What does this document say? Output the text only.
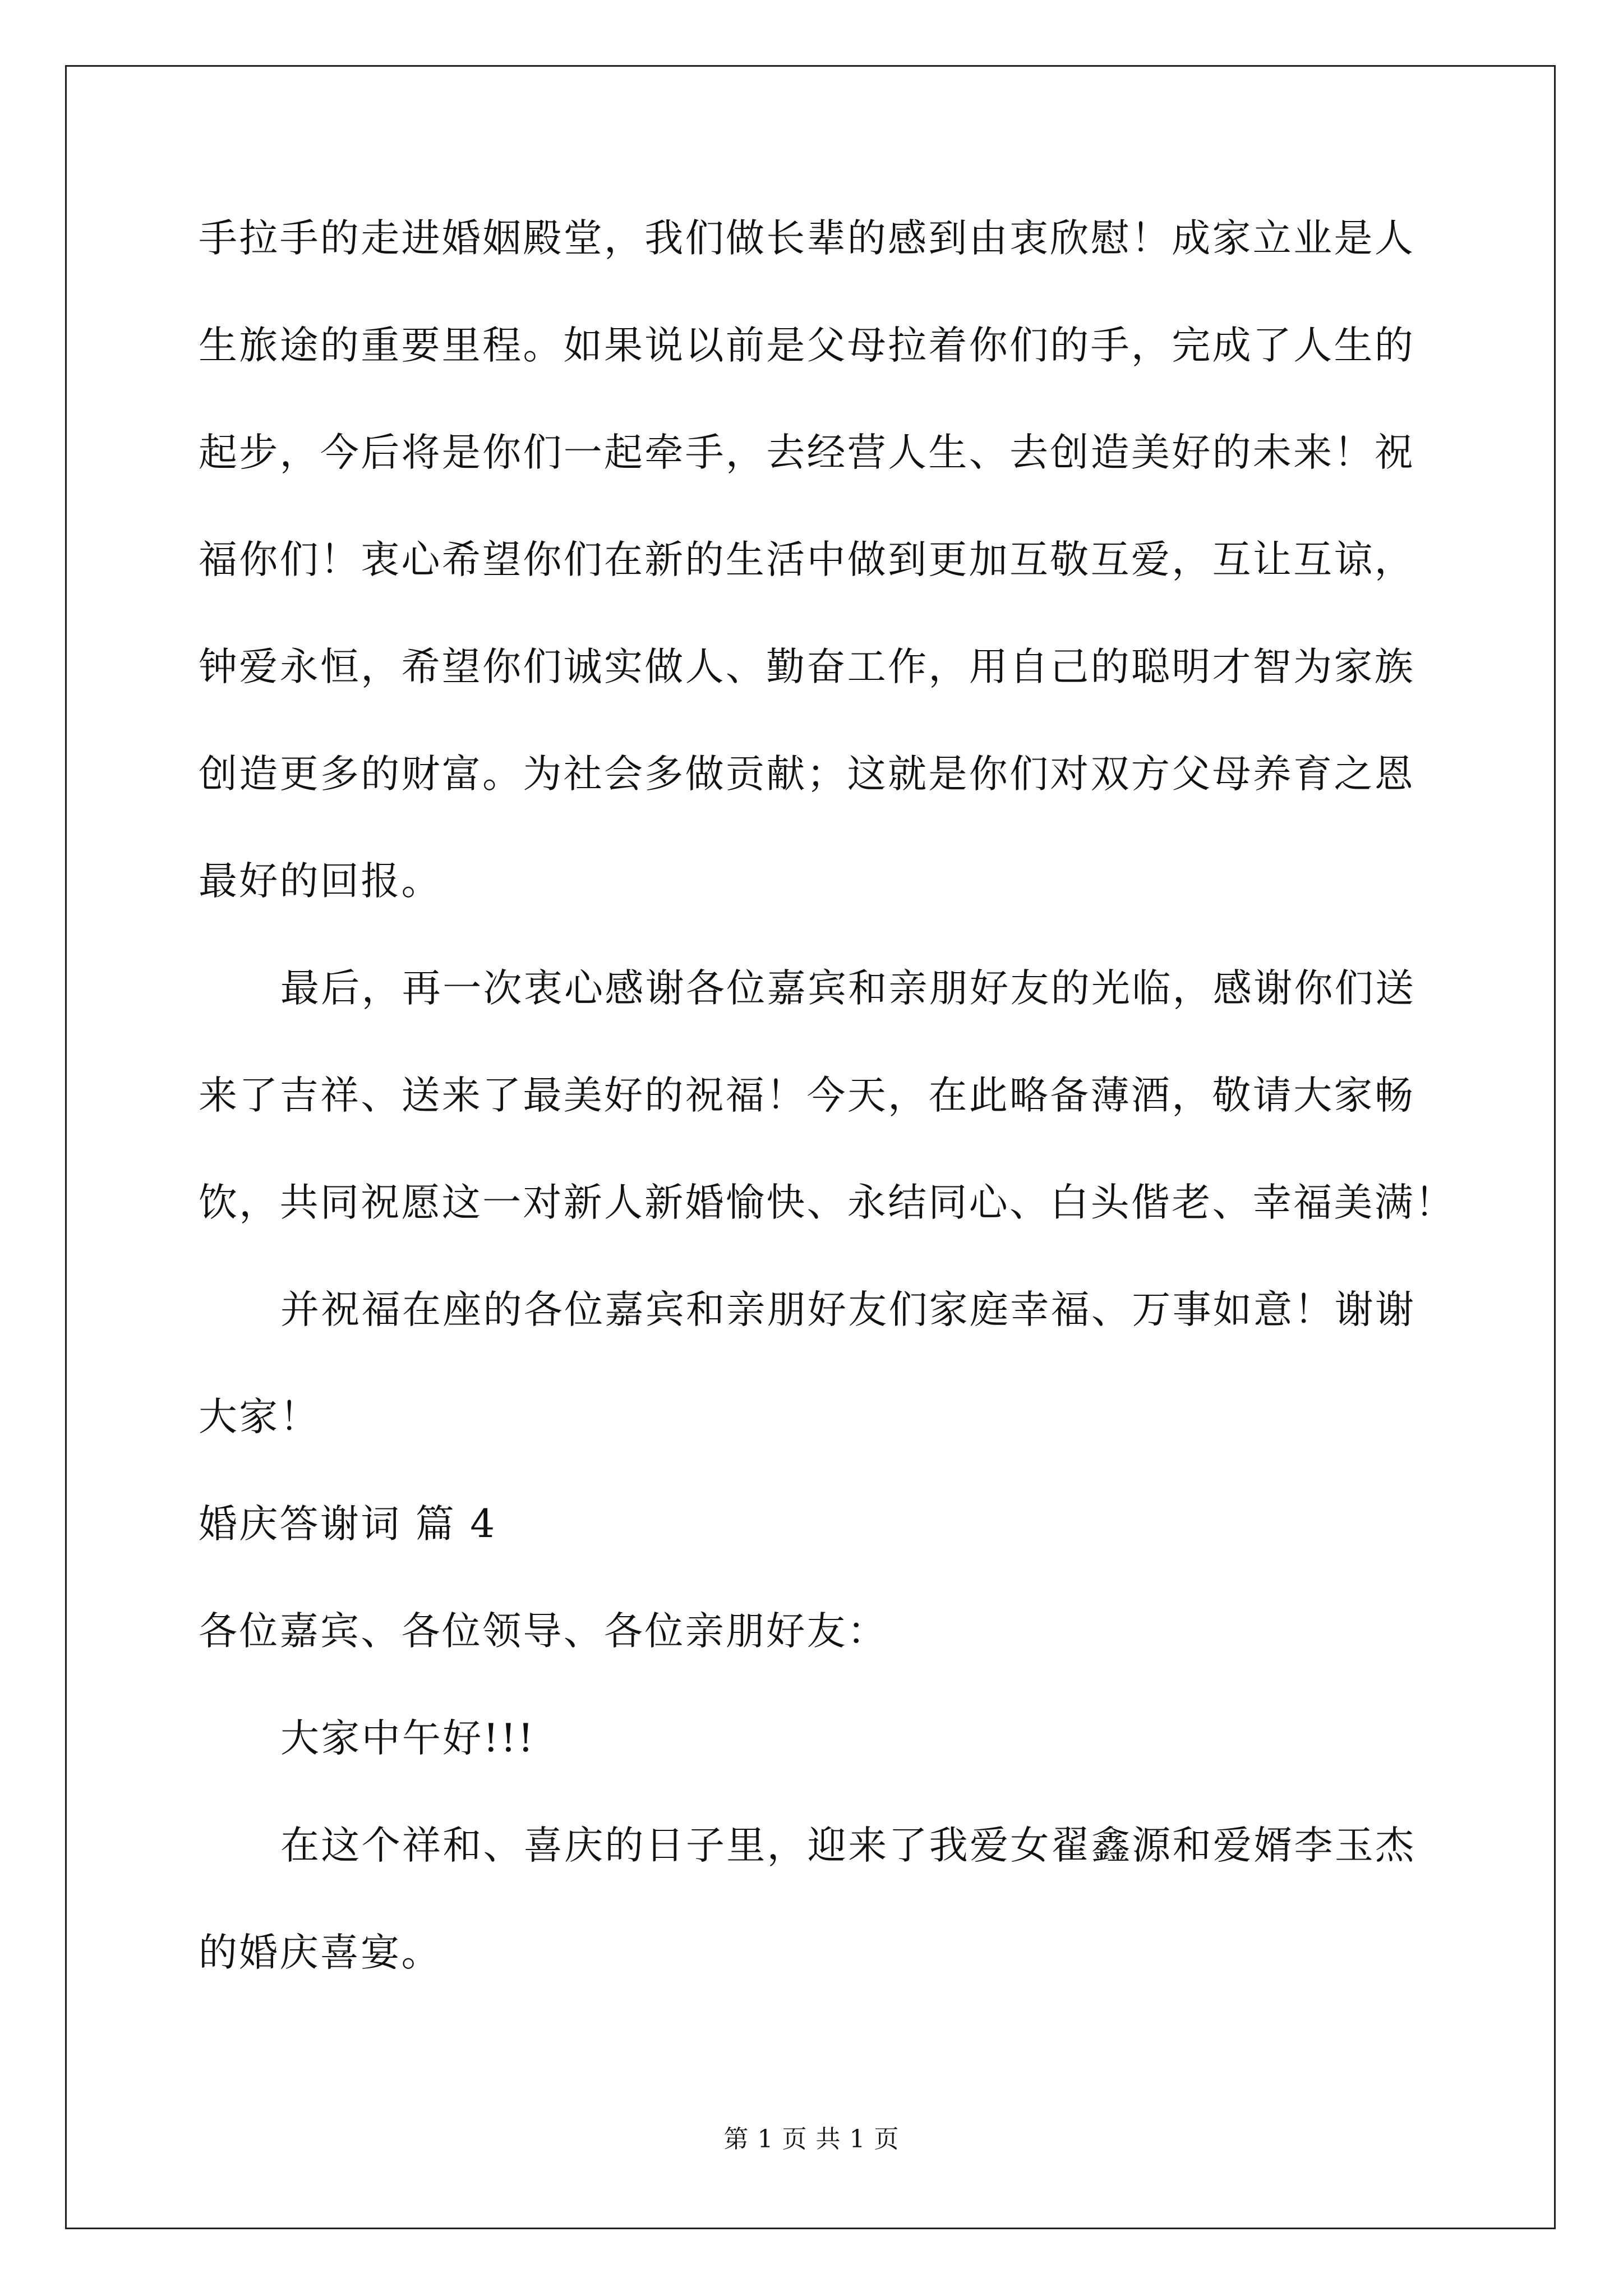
手拉手的走进婚姻殿堂，我们做长辈的感到由衷欣慰！成家立业是人
生旅途的重要里程。如果说以前是父母拉着你们的手，完成了人生的
起步，今后将是你们一起牵手，去经营人生、去创造美好的未来！祝
福你们！衷心希望你们在新的生活中做到更加互敬互爱，互让互谅，
钟爱永恒，希望你们诚实做人、勤奋工作，用自己的聪明才智为家族
创造更多的财富。为社会多做贡献；这就是你们对双方父母养育之恩
最好的回报。
最后，再一次衷心感谢各位嘉宾和亲朋好友的光临，感谢你们送
来了吉祥、送来了最美好的祝福！今天，在此略备薄酒，敬请大家畅
饮，共同祝愿这一对新人新婚愉快、永结同心、白头偕老、幸福美满！
并祝福在座的各位嘉宾和亲朋好友们家庭幸福、万事如意！谢谢
大家！
婚庆答谢词 篇 4
各位嘉宾、各位领导、各位亲朋好友：
大家中午好!!!
在这个祥和、喜庆的日子里，迎来了我爱女翟鑫源和爱婿李玉杰
的婚庆喜宴。
第 1 页 共 1 页
